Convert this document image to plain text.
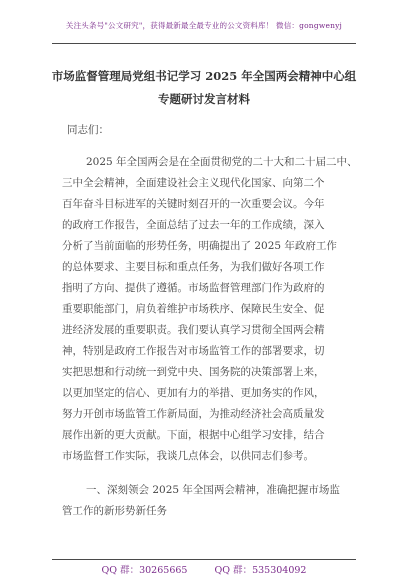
关注头条号"公文研究"，获得最新最全最专业的公文资料库！ 微信：gongwenyj
市场监督管理局党组书记学习 2025 年全国两会精神中心组
专题研讨发言材料
同志们：
2025 年全国两会是在全面贯彻党的二十大和二十届二中、
三中全会精神，全面建设社会主义现代化国家、向第二个
百年奋斗目标进军的关键时刻召开的一次重要会议。今年
的政府工作报告，全面总结了过去一年的工作成绩，深入
分析了当前面临的形势任务，明确提出了 2025 年政府工作
的总体要求、主要目标和重点任务，为我们做好各项工作
指明了方向、提供了遵循。市场监督管理部门作为政府的
重要职能部门，肩负着维护市场秩序、保障民生安全、促
进经济发展的重要职责。我们要认真学习贯彻全国两会精
神，特别是政府工作报告对市场监管工作的部署要求，切
实把思想和行动统一到党中央、国务院的决策部署上来，
以更加坚定的信心、更加有力的举措、更加务实的作风，
努力开创市场监管工作新局面，为推动经济社会高质量发
展作出新的更大贡献。下面，根据中心组学习安排，结合
市场监督工作实际，我谈几点体会，以供同志们参考。
一、深刻领会 2025 年全国两会精神，准确把握市场监
管工作的新形势新任务
QQ 群：30265665	QQ 群：535304092
